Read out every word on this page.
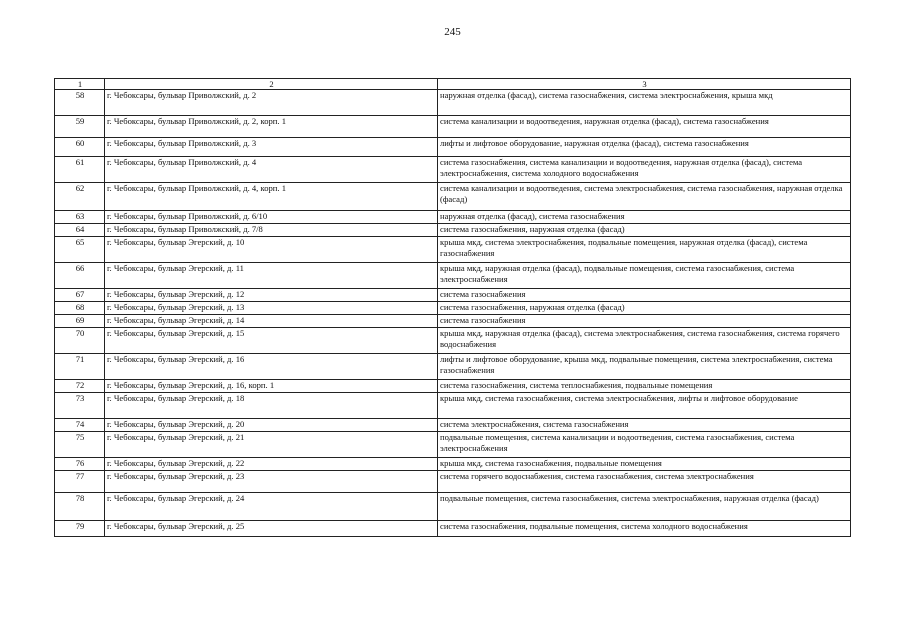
245
1	2	3
58	г. Чебоксары, бульвар Приволжский, д. 2	наружная отделка (фасад), система газоснабжения, система электроснабжения, крыша мкд
59	г. Чебоксары, бульвар Приволжский, д. 2, корп. 1	система канализации и водоотведения, наружная отделка (фасад), система газоснабжения
60	г. Чебоксары, бульвар Приволжский, д. 3	лифты и лифтовое оборудование, наружная отделка (фасад), система газоснабжения
61	г. Чебоксары, бульвар Приволжский, д. 4	система газоснабжения, система канализации и водоотведения, наружная отделка (фасад), система электроснабжения, система холодного водоснабжения
62	г. Чебоксары, бульвар Приволжский, д. 4, корп. 1	система канализации и водоотведения, система электроснабжения, система газоснабжения, наружная отделка (фасад)
63	г. Чебоксары, бульвар Приволжский, д. 6/10	наружная отделка (фасад), система газоснабжения
64	г. Чебоксары, бульвар Приволжский, д. 7/8	система газоснабжения, наружная отделка (фасад)
65	г. Чебоксары, бульвар Эгерский, д. 10	крыша мкд, система электроснабжения, подвальные помещения, наружная отделка (фасад), система газоснабжения
66	г. Чебоксары, бульвар Эгерский, д. 11	крыша мкд, наружная отделка (фасад), подвальные помещения, система газоснабжения, система электроснабжения
67	г. Чебоксары, бульвар Эгерский, д. 12	система газоснабжения
68	г. Чебоксары, бульвар Эгерский, д. 13	система газоснабжения, наружная отделка (фасад)
69	г. Чебоксары, бульвар Эгерский, д. 14	система газоснабжения
70	г. Чебоксары, бульвар Эгерский, д. 15	крыша мкд, наружная отделка (фасад), система электроснабжения, система газоснабжения, система горячего водоснабжения
71	г. Чебоксары, бульвар Эгерский, д. 16	лифты и лифтовое оборудование, крыша мкд, подвальные помещения, система электроснабжения, система газоснабжения
72	г. Чебоксары, бульвар Эгерский, д. 16, корп. 1	система газоснабжения, система теплоснабжения, подвальные помещения
73	г. Чебоксары, бульвар Эгерский, д. 18	крыша мкд, система газоснабжения, система электроснабжения, лифты и лифтовое оборудование
74	г. Чебоксары, бульвар Эгерский, д. 20	система электроснабжения, система газоснабжения
75	г. Чебоксары, бульвар Эгерский, д. 21	подвальные помещения, система канализации и водоотведения, система газоснабжения, система электроснабжения
76	г. Чебоксары, бульвар Эгерский, д. 22	крыша мкд, система газоснабжения, подвальные помещения
77	г. Чебоксары, бульвар Эгерский, д. 23	система горячего водоснабжения, система газоснабжения, система электроснабжения
78	г. Чебоксары, бульвар Эгерский, д. 24	подвальные помещения, система газоснабжения, система электроснабжения, наружная отделка (фасад)
79	г. Чебоксары, бульвар Эгерский, д. 25	система газоснабжения, подвальные помещения, система холодного водоснабжения
